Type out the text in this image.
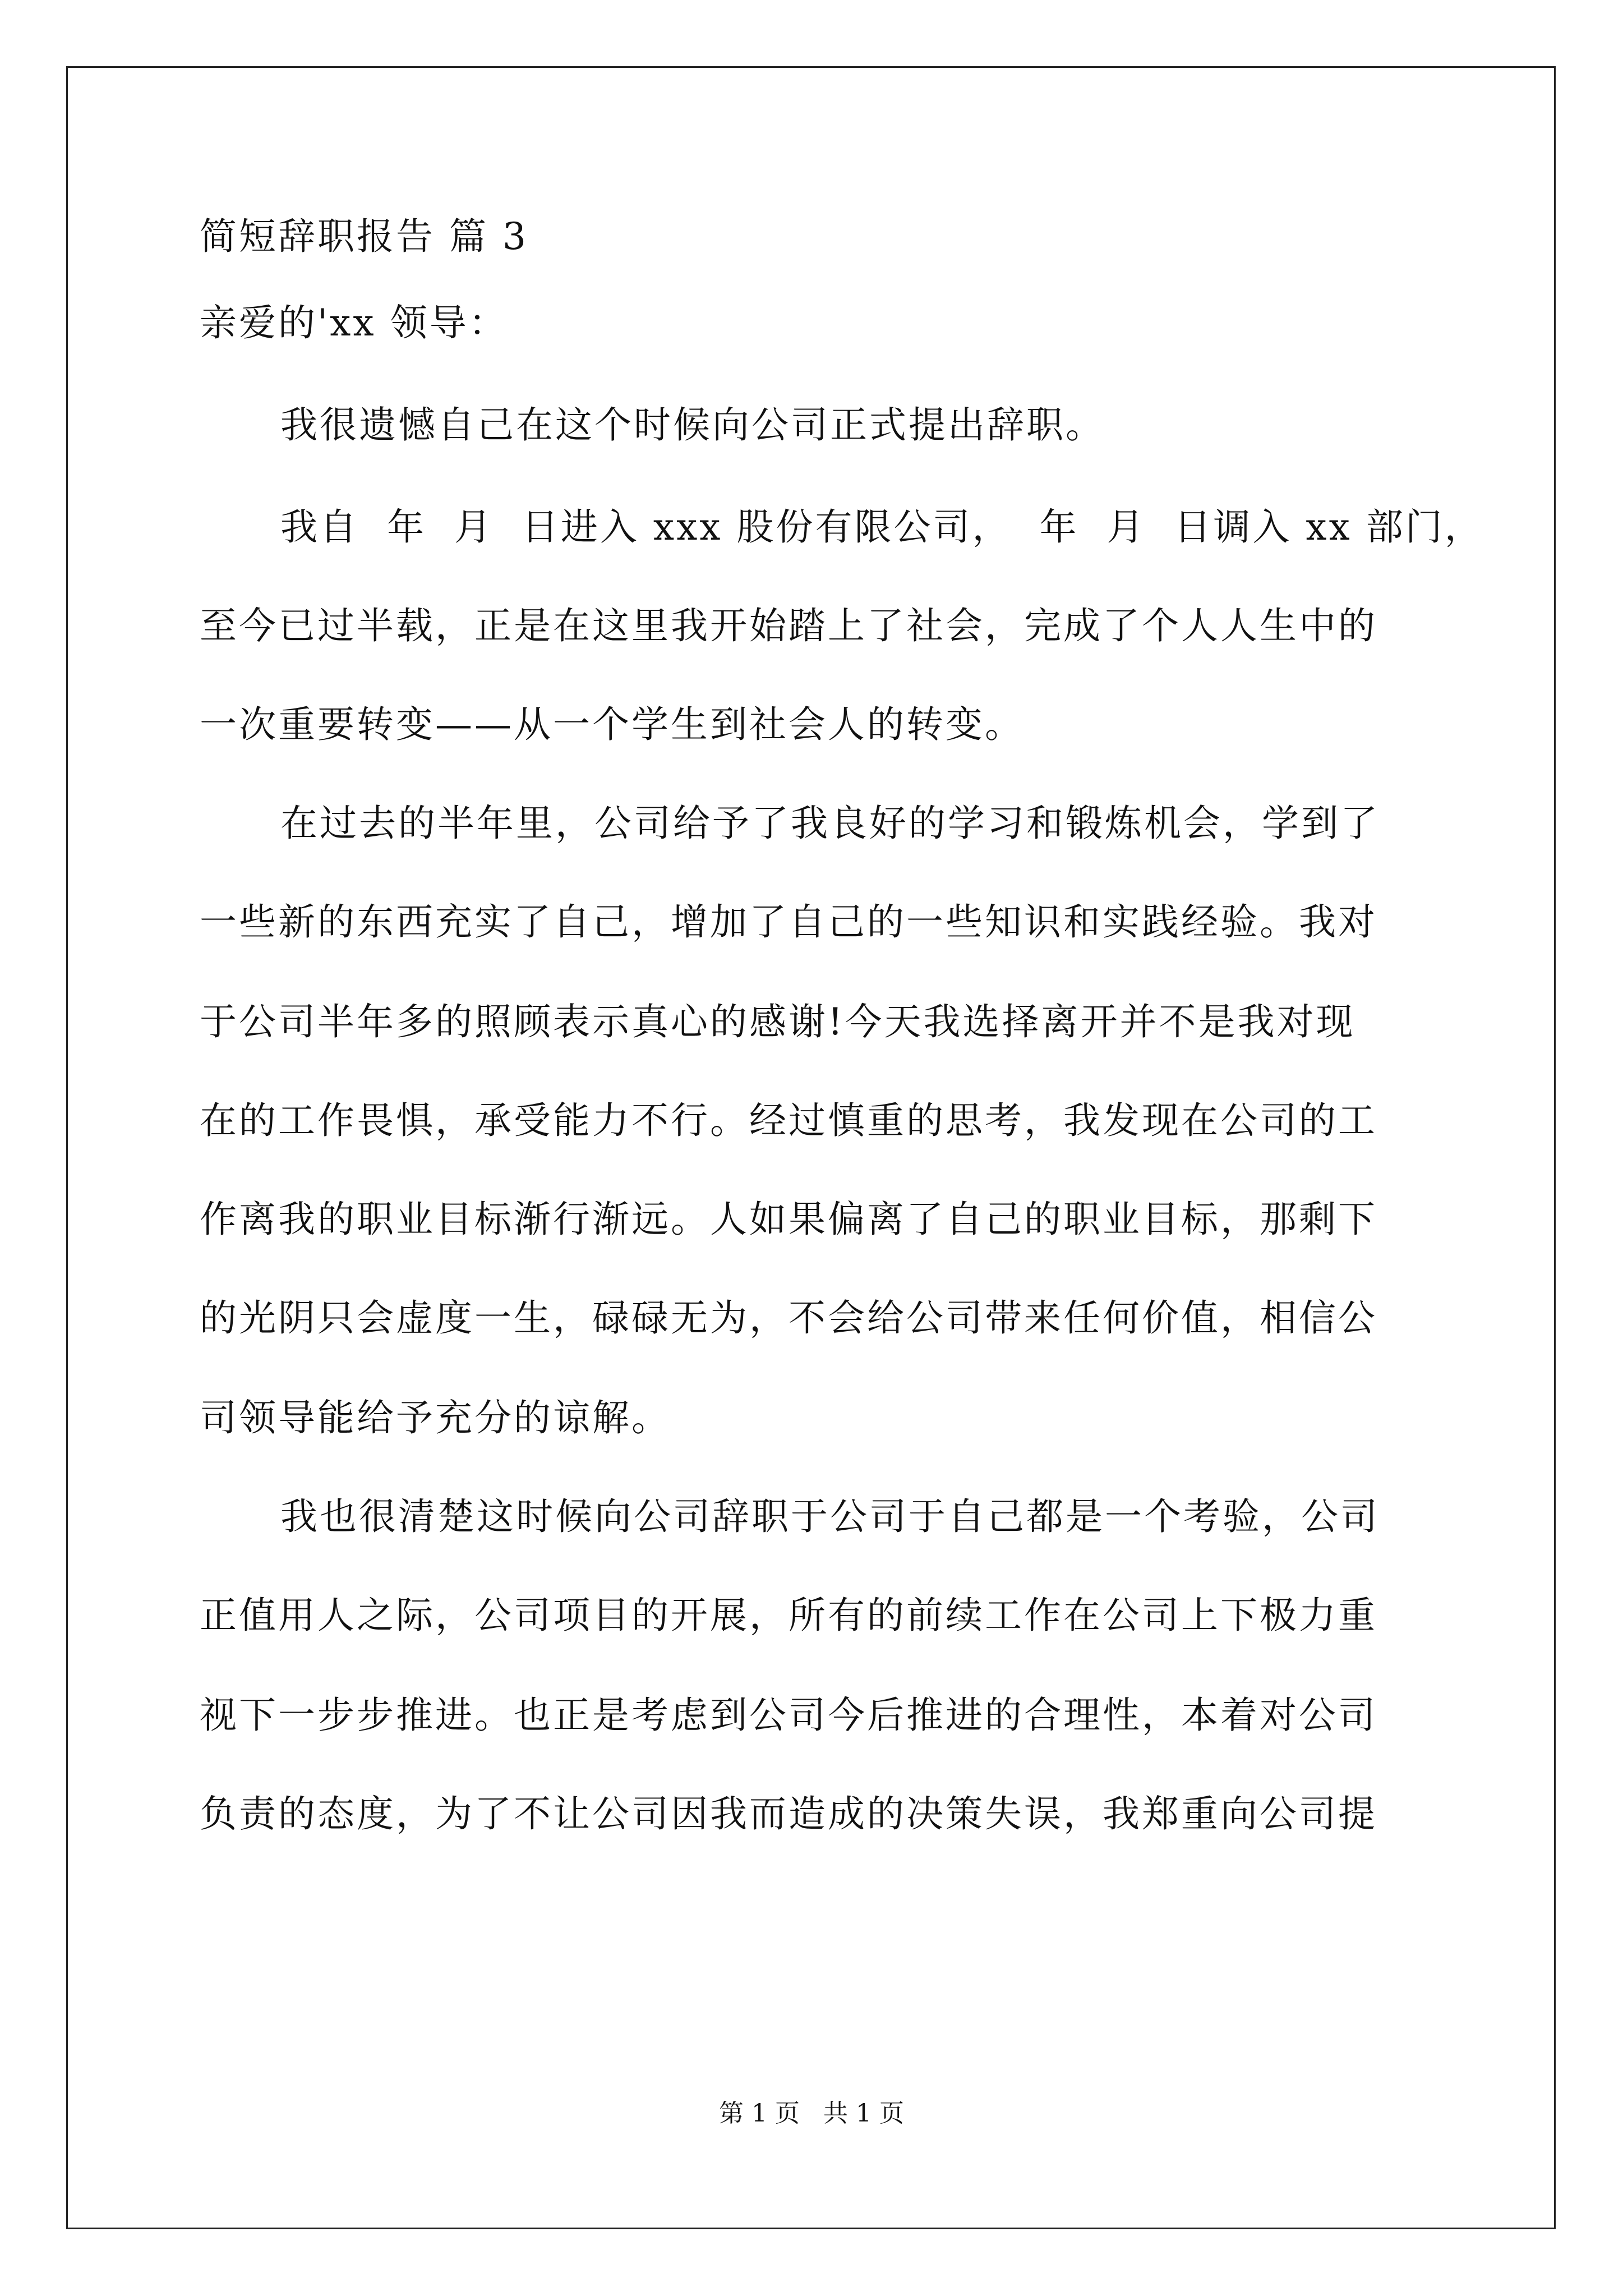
简短辞职报告 篇 3
亲爱的'xx 领导：
我很遗憾自己在这个时候向公司正式提出辞职。
我自  年  月  日进入 xxx 股份有限公司，  年  月  日调入 xx 部门，
至今已过半载，正是在这里我开始踏上了社会，完成了个人人生中的
一次重要转变——从一个学生到社会人的转变。
在过去的半年里，公司给予了我良好的学习和锻炼机会，学到了
一些新的东西充实了自己，增加了自己的一些知识和实践经验。我对
于公司半年多的照顾表示真心的感谢!今天我选择离开并不是我对现
在的工作畏惧，承受能力不行。经过慎重的思考，我发现在公司的工
作离我的职业目标渐行渐远。人如果偏离了自己的职业目标，那剩下
的光阴只会虚度一生，碌碌无为，不会给公司带来任何价值，相信公
司领导能给予充分的谅解。
我也很清楚这时候向公司辞职于公司于自己都是一个考验，公司
正值用人之际，公司项目的开展，所有的前续工作在公司上下极力重
视下一步步推进。也正是考虑到公司今后推进的合理性，本着对公司
负责的态度，为了不让公司因我而造成的决策失误，我郑重向公司提
第 1 页   共 1 页
